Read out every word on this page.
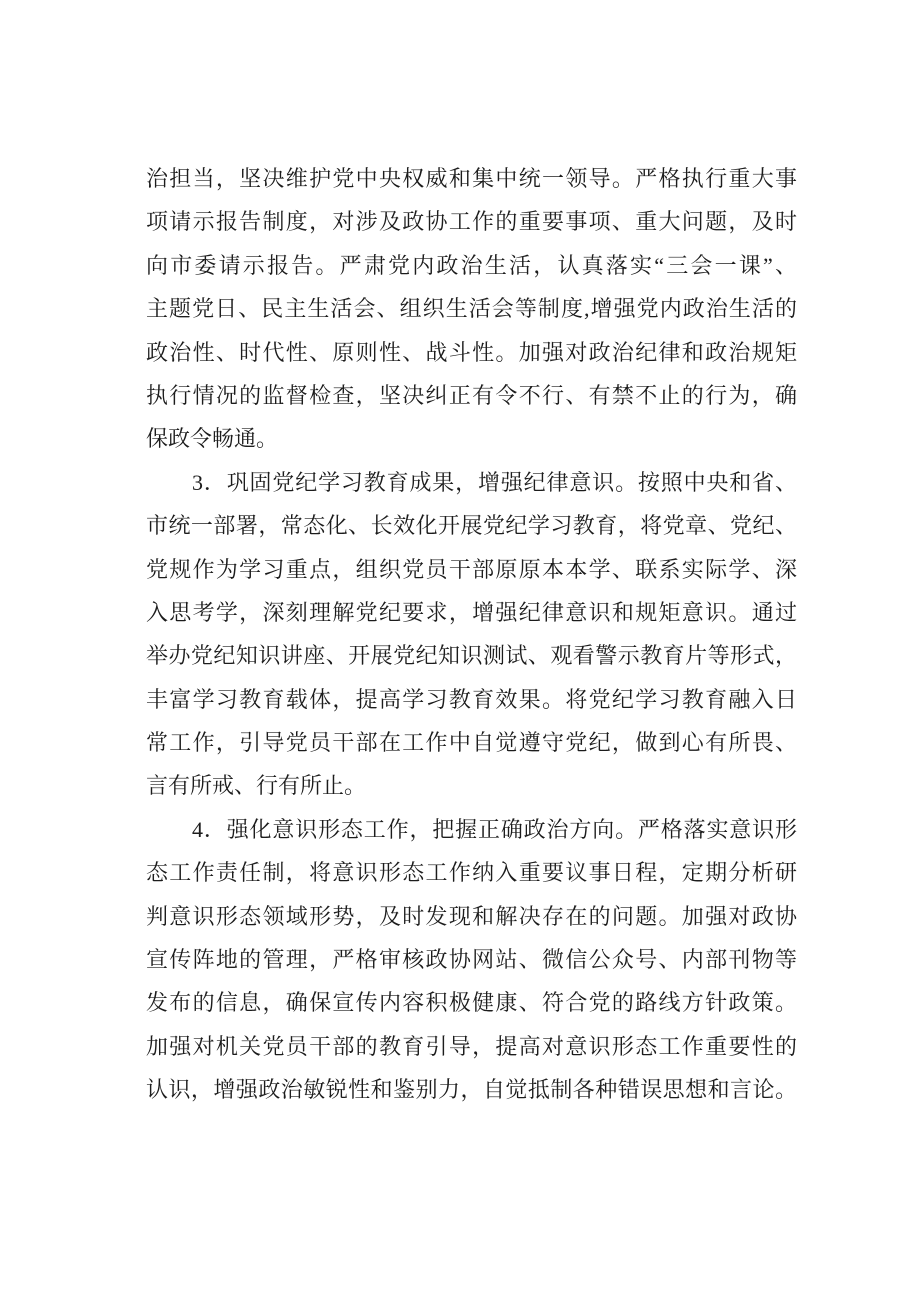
治担当，坚决维护党中央权威和集中统一领导。严格执行重大事
项请示报告制度，对涉及政协工作的重要事项、重大问题，及时
向市委请示报告。严肃党内政治生活，认真落实“三会一课”、
主题党日、民主生活会、组织生活会等制度,增强党内政治生活的
政治性、时代性、原则性、战斗性。加强对政治纪律和政治规矩
执行情况的监督检查，坚决纠正有令不行、有禁不止的行为，确
保政令畅通。
3．巩固党纪学习教育成果，增强纪律意识。按照中央和省、
市统一部署，常态化、长效化开展党纪学习教育，将党章、党纪、
党规作为学习重点，组织党员干部原原本本学、联系实际学、深
入思考学，深刻理解党纪要求，增强纪律意识和规矩意识。通过
举办党纪知识讲座、开展党纪知识测试、观看警示教育片等形式，
丰富学习教育载体，提高学习教育效果。将党纪学习教育融入日
常工作，引导党员干部在工作中自觉遵守党纪，做到心有所畏、
言有所戒、行有所止。
4．强化意识形态工作，把握正确政治方向。严格落实意识形
态工作责任制，将意识形态工作纳入重要议事日程，定期分析研
判意识形态领域形势，及时发现和解决存在的问题。加强对政协
宣传阵地的管理，严格审核政协网站、微信公众号、内部刊物等
发布的信息，确保宣传内容积极健康、符合党的路线方针政策。
加强对机关党员干部的教育引导，提高对意识形态工作重要性的
认识，增强政治敏锐性和鉴别力，自觉抵制各种错误思想和言论。
